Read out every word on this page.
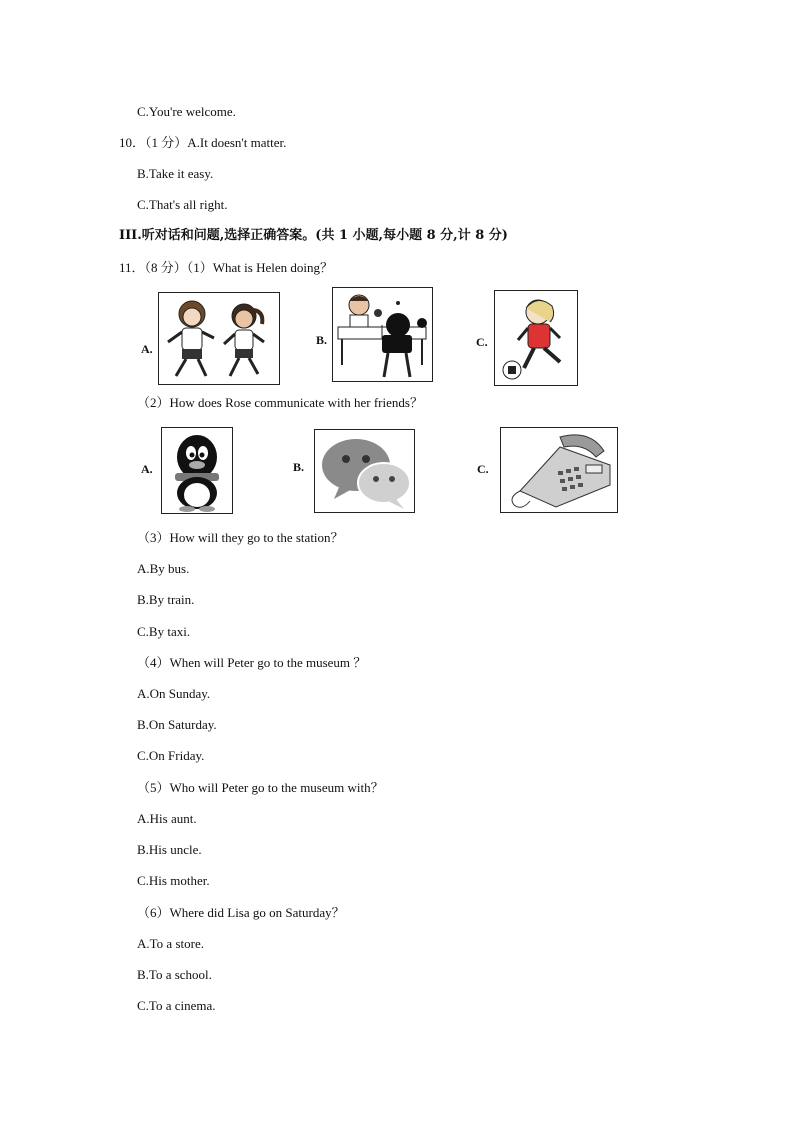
C.You're welcome.
10．（1 分）A.It doesn't matter.
B.Take it easy.
C.That's all right.
III.听对话和问题,选择正确答案。(共 1 小题,每小题 8 分,计 8 分)
11．（8 分）（1）What is Helen doing？
A.
B.	C.
（2）How does Rose communicate with her friends？
A.	B.	C.
（3）How will they go to the station？
A.By bus.
B.By train.
C.By taxi.
（4）When will Peter go to the museum ？
A.On Sunday.
B.On Saturday.
C.On Friday.
（5）Who will Peter go to the museum with？
A.His aunt.
B.His uncle.
C.His mother.
（6）Where did Lisa go on Saturday？
A.To a store.
B.To a school.
C.To a cinema.
